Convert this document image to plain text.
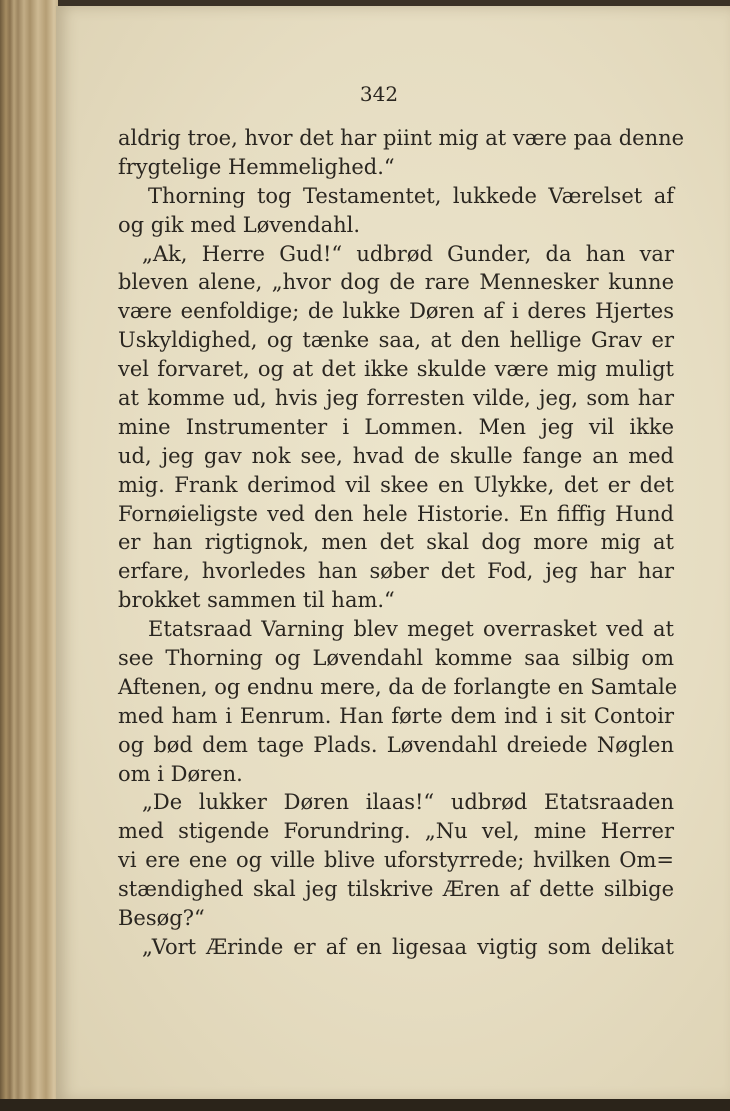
342
aldrig troe, hvor det har piint mig at være paa denne
frygtelige Hemmelighed.“
Thorning tog Testamentet, lukkede Værelset af
og gik med Løvendahl.
„Ak, Herre Gud!“ udbrød Gunder, da han var
bleven alene, „hvor dog de rare Mennesker kunne
være eenfoldige; de lukke Døren af i deres Hjertes
Uskyldighed, og tænke saa, at den hellige Grav er
vel forvaret, og at det ikke skulde være mig muligt
at komme ud, hvis jeg forresten vilde, jeg, som har
mine Instrumenter i Lommen. Men jeg vil ikke
ud, jeg gav nok see, hvad de skulle fange an med
mig. Frank derimod vil skee en Ulykke, det er det
Fornøieligste ved den hele Historie. En fiffig Hund
er han rigtignok, men det skal dog more mig at
erfare, hvorledes han søber det Fod, jeg har har
brokket sammen til ham.“
Etatsraad Varning blev meget overrasket ved at
see Thorning og Løvendahl komme saa silbig om
Aftenen, og endnu mere, da de forlangte en Samtale
med ham i Eenrum. Han førte dem ind i sit Contoir
og bød dem tage Plads. Løvendahl dreiede Nøglen
om i Døren.
„De lukker Døren ilaas!“ udbrød Etatsraaden
med stigende Forundring. „Nu vel, mine Herrer
vi ere ene og ville blive uforstyrrede; hvilken Om=
stændighed skal jeg tilskrive Æren af dette silbige
Besøg?“
„Vort Ærinde er af en ligesaa vigtig som delikat
